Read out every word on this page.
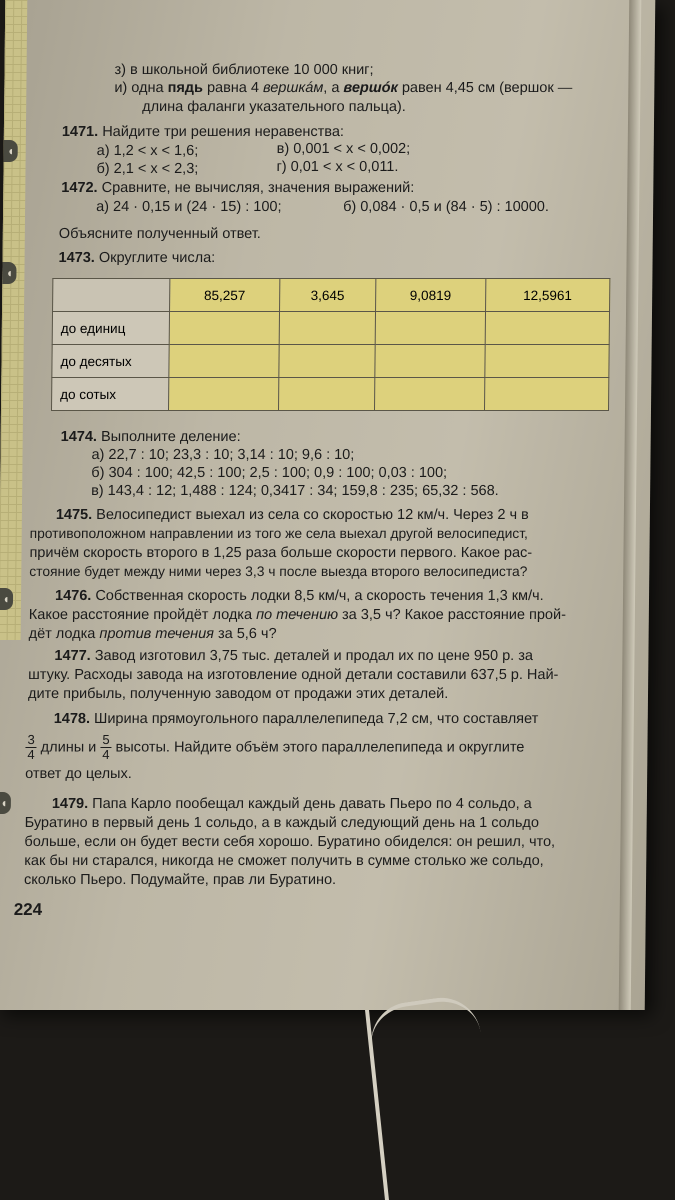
◖
◖
◖
◖
з) в школьной библиотеке 10 000 книг;
и) одна пядь равна 4 вершкáм, а вершóк равен 4,45 см (вершок —
длина фаланги указательного пальца).
1471. Найдите три решения неравенства:
а) 1,2 < x < 1,6;
б) 2,1 < x < 2,3;
в) 0,001 < x < 0,002;
г) 0,01 < x < 0,011.
1472. Сравните, не вычисляя, значения выражений:
а) 24 · 0,15 и (24 · 15) : 100;	б) 0,084 · 0,5 и (84 · 5) : 10000.
Объясните полученный ответ.
1473. Округлите числа:
	85,257	3,645	9,0819	12,5961
до единиц				
до десятых				
до сотых				
1474. Выполните деление:
а) 22,7 : 10; 23,3 : 10; 3,14 : 10; 9,6 : 10;
б) 304 : 100; 42,5 : 100; 2,5 : 100; 0,9 : 100; 0,03 : 100;
в) 143,4 : 12; 1,488 : 124; 0,3417 : 34; 159,8 : 235; 65,32 : 568.
1475. Велосипедист выехал из села со скоростью 12 км/ч. Через 2 ч в
противоположном направлении из того же села выехал другой велосипедист,
причём скорость второго в 1,25 раза больше скорости первого. Какое рас-
стояние будет между ними через 3,3 ч после выезда второго велосипедиста?
1476. Собственная скорость лодки 8,5 км/ч, а скорость течения 1,3 км/ч.
Какое расстояние пройдёт лодка по течению за 3,5 ч? Какое расстояние прой-
дёт лодка против течения за 5,6 ч?
1477. Завод изготовил 3,75 тыс. деталей и продал их по цене 950 р. за
штуку. Расходы завода на изготовление одной детали составили 637,5 р. Най-
дите прибыль, полученную заводом от продажи этих деталей.
1478. Ширина прямоугольного параллелепипеда 7,2 см, что составляет
$\frac{3}{4}$ длины и $\frac{5}{4}$ высоты. Найдите объём этого параллелепипеда и округлите
ответ до целых.
1479. Папа Карло пообещал каждый день давать Пьеро по 4 сольдо, а
Буратино в первый день 1 сольдо, а в каждый следующий день на 1 сольдо
больше, если он будет вести себя хорошо. Буратино обиделся: он решил, что,
как бы ни старался, никогда не сможет получить в сумме столько же сольдо,
сколько Пьеро. Подумайте, прав ли Буратино.
224
